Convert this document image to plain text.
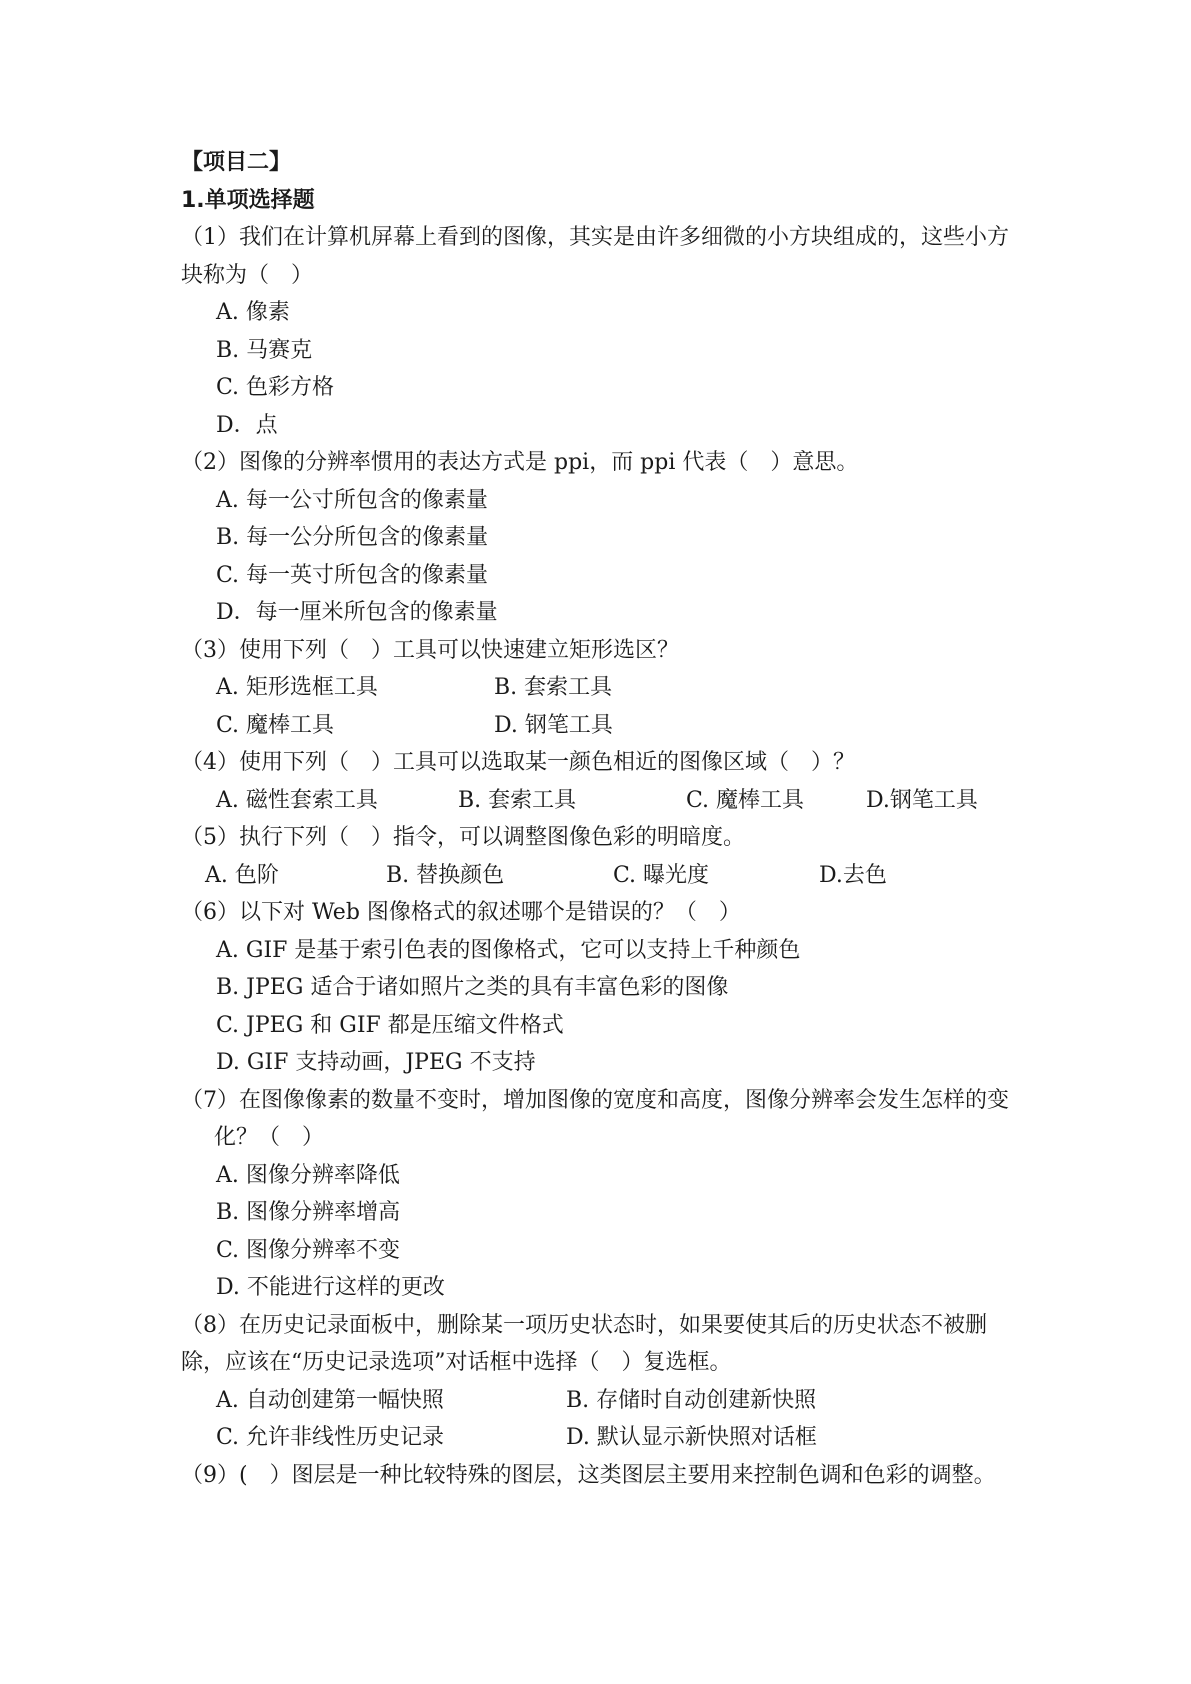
【项目二】
1.单项选择题
（1）我们在计算机屏幕上看到的图像，其实是由许多细微的小方块组成的，这些小方块称为（　）
A. 像素
B. 马赛克
C. 色彩方格
D．点
（2）图像的分辨率惯用的表达方式是 ppi，而 ppi 代表（　）意思。
A. 每一公寸所包含的像素量
B. 每一公分所包含的像素量
C. 每一英寸所包含的像素量
D．每一厘米所包含的像素量
（3）使用下列（　）工具可以快速建立矩形选区？
A. 矩形选框工具	B. 套索工具
C. 魔棒工具	D. 钢笔工具
（4）使用下列（　）工具可以选取某一颜色相近的图像区域（　）？
A. 磁性套索工具	B. 套索工具	C. 魔棒工具	D.钢笔工具
（5）执行下列（　）指令，可以调整图像色彩的明暗度。
A. 色阶	B. 替换颜色	C. 曝光度	D.去色
（6）以下对 Web 图像格式的叙述哪个是错误的？（　）
A. GIF 是基于索引色表的图像格式，它可以支持上千种颜色
B. JPEG 适合于诸如照片之类的具有丰富色彩的图像
C. JPEG 和 GIF 都是压缩文件格式
D. GIF 支持动画，JPEG 不支持
（7）在图像像素的数量不变时，增加图像的宽度和高度，图像分辨率会发生怎样的变化？（　）
A. 图像分辨率降低
B. 图像分辨率增高
C. 图像分辨率不变
D. 不能进行这样的更改
（8）在历史记录面板中，删除某一项历史状态时，如果要使其后的历史状态不被删除，应该在“历史记录选项”对话框中选择（　）复选框。
A. 自动创建第一幅快照	B. 存储时自动创建新快照
C. 允许非线性历史记录	D. 默认显示新快照对话框
（9）(　）图层是一种比较特殊的图层，这类图层主要用来控制色调和色彩的调整。
